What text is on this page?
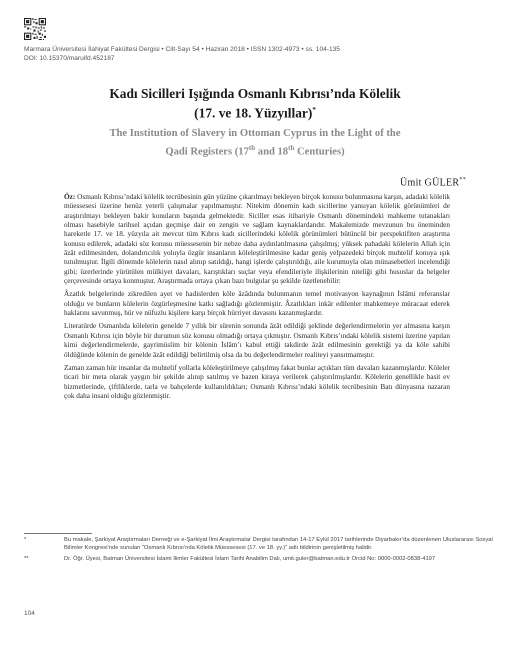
Marmara Üniversitesi İlahiyat Fakültesi Dergisi • Cilt-Sayı 54 • Haziran 2018 • ISSN 1302-4973 • ss. 104-135
DOI: 10.15370/maruifd.452187
Kadı Sicilleri Işığında Osmanlı Kıbrısı’nda Kölelik
(17. ve 18. Yüzyıllar)*
The Institution of Slavery in Ottoman Cyprus in the Light of the
Qadi Registers (17th and 18th Centuries)
Ümit GÜLER**

Öz: Osmanlı Kıbrısı’ndaki kölelik tecrübesinin gün yüzüne çıkarılmayı bekleyen birçok konusu bulunmasına karşın, adadaki kölelik müessesesi üzerine henüz yeterli çalışmalar yapılmamıştır. Nitekim dönemin kadı sicillerine yansıyan kölelik görünümleri de araştırılmayı bekleyen bakir konuların başında gelmektedir. Siciller esas itibariyle Osmanlı dönemindeki mahkeme tutanakları olması hasebiyle tarihsel açıdan geçmişe dair en zengin ve sağlam kaynaklardandır. Makalemizde mevzunun bu öneminden hareketle 17. ve 18. yüzyıla ait mevcut tüm Kıbrıs kadı sicillerindeki kölelik görünümleri bütüncül bir perspektifiten araştırma konusu edilerek, adadaki söz konusu müessesenin bir nebze daha aydınlatılmasına çalışılmış; yüksek pahadaki kölelerin Allah için âzât edilmesinden, dolandırıcılık yoluyla özgür insanların köleleştirilmesine kadar geniş yelpazedeki birçok muhtelif konuya ışık tutulmuştur. İlgili dönemde kölelerin nasıl alınıp satıldığı, hangi işlerde çalıştırıldığı, aile kurumuyla olan münasebetleri incelendiği gibi; üzerlerinde yürütülen mülkiyet davaları, karıştıkları suçlar veya efendileriyle ilişkilerinin niteliği gibi hususlar da belgeler çerçevesinde ortaya konmuştur. Araştırmada ortaya çıkan bazı bulgular şu şekilde özetlenebilir:

Âzatlık belgelerinde zikredilen ayet ve hadislerden köle âzâdında bulunmanın temel motivasyon kaynağının İslâmi referanslar olduğu ve bunların kölelerin özgürleşmesine katkı sağladığı gözlenmiştir. Âzatlıkları inkâr edilenler mahkemeye müracaat ederek haklarını savunmuş, hür ve nüfuzlu kişilere karşı birçok hürriyet davasını kazanmışlardır.

Literatürde Osmanlıda kölelerin genelde 7 yıllık bir sürenin sonunda âzât edildiği şeklinde değerlendirmelerin yer almasına karşın Osmanlı Kıbrısı için böyle bir durumun söz konusu olmadığı ortaya çıkmıştır. Osmanlı Kıbrıs’ındaki kölelik sistemi üzerine yapılan kimi değerlendirmelerde, gayrimüslim bir kölenin İslâm’ı kabul ettiği takdirde âzât edilmesinin gerektiği ya da köle sahibi öldüğünde kölenin de genelde âzât edildiği belirtilmiş olsa da bu değerlendirmeler realiteyi yansıtmamıştır.

Zaman zaman hür insanlar da muhtelif yollarla köleleştirilmeye çalışılmış fakat bunlar açtıkları tüm davaları kazanmışlardır. Köleler ticari bir meta olarak yaygın bir şekilde alınıp satılmış ve bazen kiraya verilerek çalıştırılmışlardır. Kölelerin genellikle basit ev hizmetlerinde, çiftliklerde, tarla ve bahçelerde kullanıldıkları; Osmanlı Kıbrısı’ndaki kölelik tecrübesinin Batı dünyasına nazaran çok daha insani olduğu gözlenmiştir.

*	Bu makale, Şarkiyat Araştırmaları Derneği ve e-Şarkiyat İlmi Araştırmalar Dergisi tarafından 14-17 Eylül 2017 tarihlerinde Diyarbakır’da düzenlenen Uluslararası Sosyal Bilimler Kongresi’nde sunulan “Osmanlı Kıbrısı’nda Kölelik Müessesesi (17. ve 18. yy.)” adlı bildirinin genişletilmiş halidir.
**	Dr. Öğr. Üyesi, Batman Üniversitesi İslami İlimler Fakültesi İslam Tarihi Anabilim Dalı, umit.guler@batman.edu.tr Orcid No: 0000-0002-0838-4197
104
